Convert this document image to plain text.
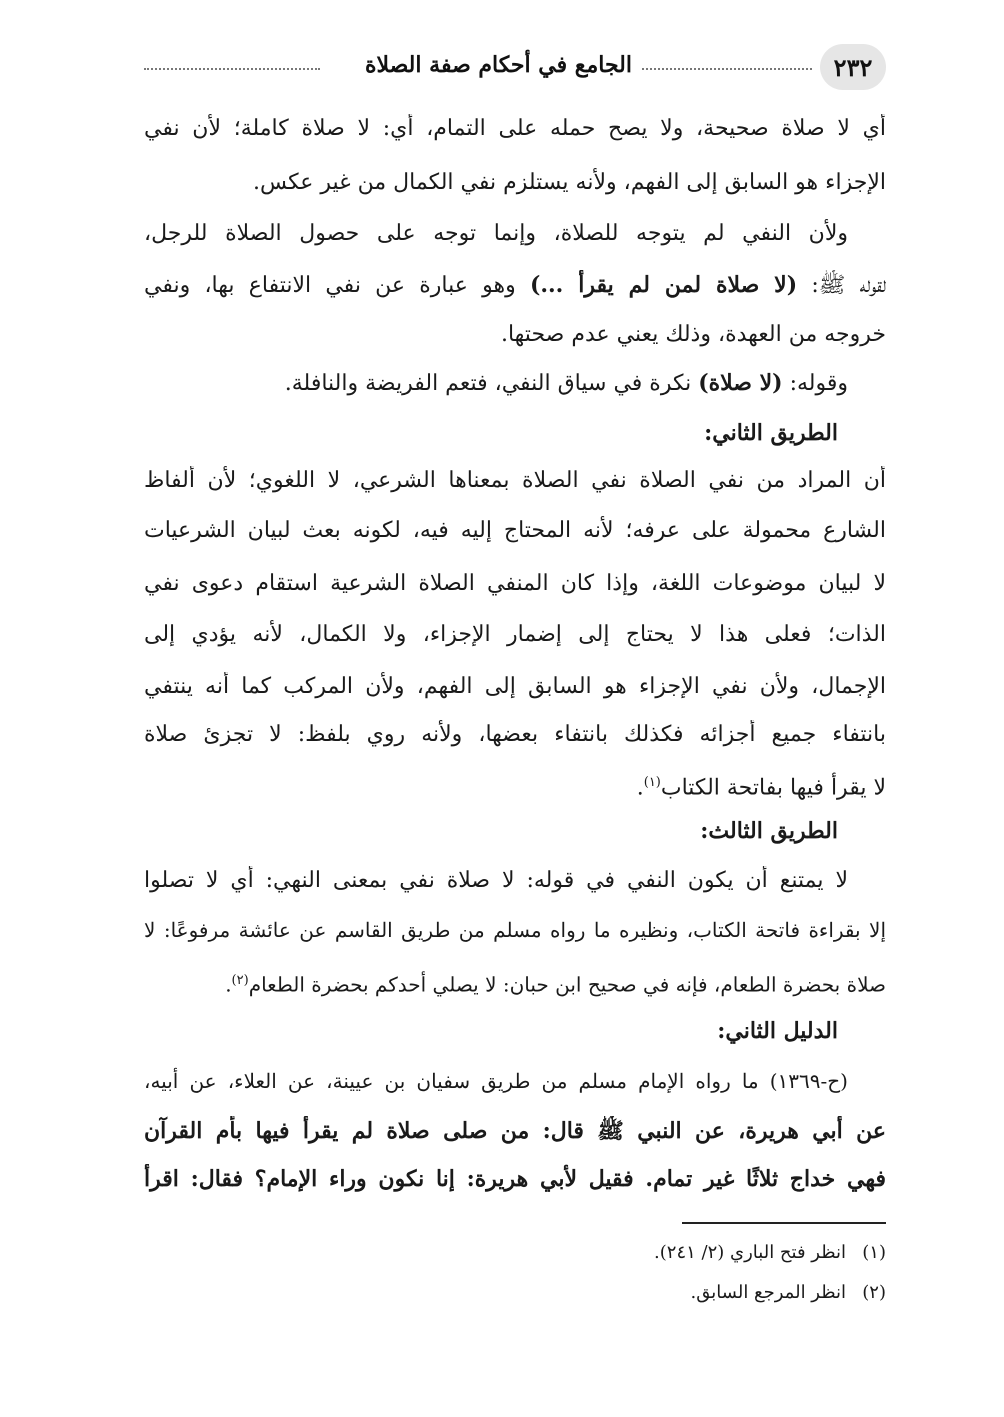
٢٣٢
الجامع في أحكام صفة الصلاة
أي لا صلاة صحيحة، ولا يصح حمله على التمام، أي: لا صلاة كاملة؛ لأن نفي
الإجزاء هو السابق إلى الفهم، ولأنه يستلزم نفي الكمال من غير عكس.
ولأن النفي لم يتوجه للصلاة، وإنما توجه على حصول الصلاة للرجل،
لقوله ﷺ: (لا صلاة لمن لم يقرأ ...) وهو عبارة عن نفي الانتفاع بها، ونفي
خروجه من العهدة، وذلك يعني عدم صحتها.
وقوله: (لا صلاة) نكرة في سياق النفي، فتعم الفريضة والنافلة.
الطريق الثاني:
أن المراد من نفي الصلاة نفي الصلاة بمعناها الشرعي، لا اللغوي؛ لأن ألفاظ
الشارع محمولة على عرفه؛ لأنه المحتاج إليه فيه، لكونه بعث لبيان الشرعيات
لا لبيان موضوعات اللغة، وإذا كان المنفي الصلاة الشرعية استقام دعوى نفي
الذات؛ فعلى هذا لا يحتاج إلى إضمار الإجزاء، ولا الكمال، لأنه يؤدي إلى
الإجمال، ولأن نفي الإجزاء هو السابق إلى الفهم، ولأن المركب كما أنه ينتفي
بانتفاء جميع أجزائه فكذلك بانتفاء بعضها، ولأنه روي بلفظ: لا تجزئ صلاة
لا يقرأ فيها بفاتحة الكتاب$^{(١)}$.
الطريق الثالث:
لا يمتنع أن يكون النفي في قوله: لا صلاة نفي بمعنى النهي: أي لا تصلوا
إلا بقراءة فاتحة الكتاب، ونظيره ما رواه مسلم من طريق القاسم عن عائشة مرفوعًا: لا
صلاة بحضرة الطعام، فإنه في صحيح ابن حبان: لا يصلي أحدكم بحضرة الطعام$^{(٢)}$.
الدليل الثاني:
(ح-١٣٦٩) ما رواه الإمام مسلم من طريق سفيان بن عيينة، عن العلاء، عن أبيه،
عن أبي هريرة، عن النبي ﷺ قال: من صلى صلاة لم يقرأ فيها بأم القرآن
فهي خداج ثلاثًا غير تمام. فقيل لأبي هريرة: إنا نكون وراء الإمام؟ فقال: اقرأ
(١)انظر فتح الباري (٢/ ٢٤١).
(٢)انظر المرجع السابق.
